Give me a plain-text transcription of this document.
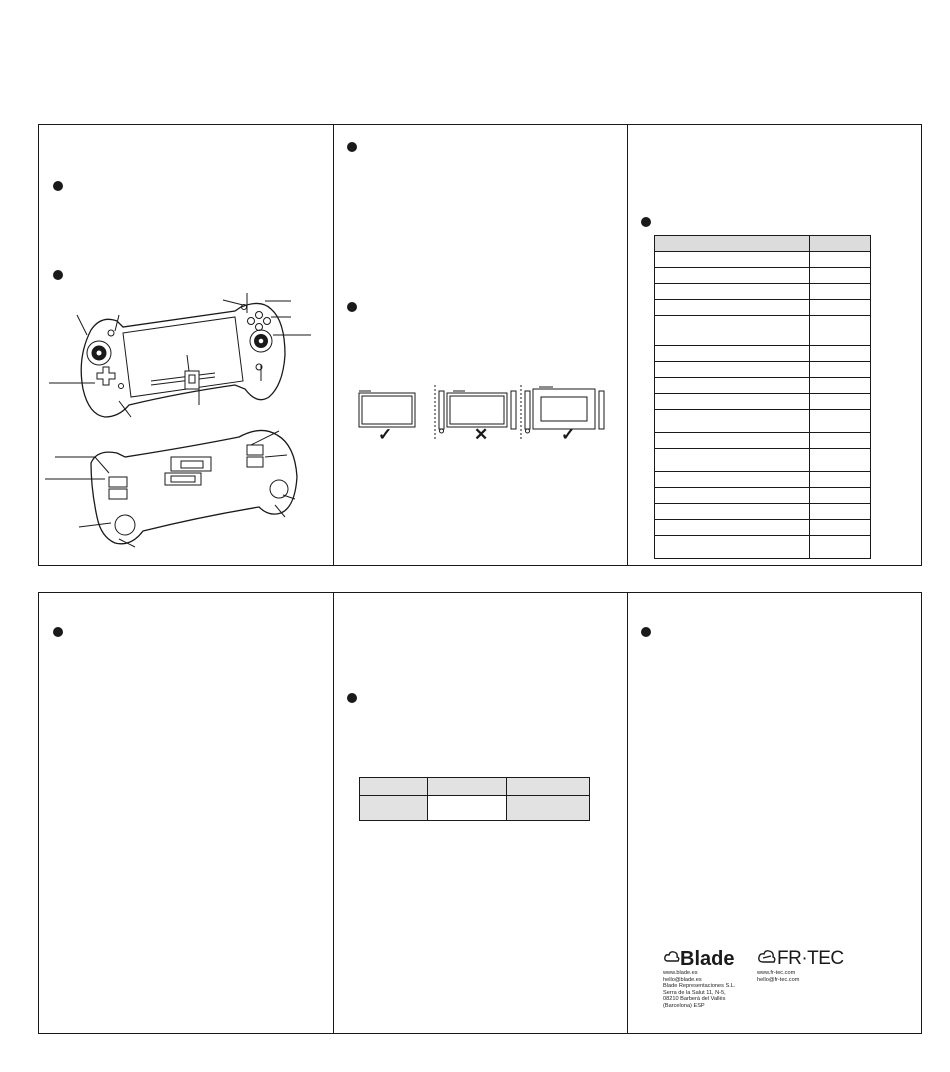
✓	✕	✓

Blade FR·TEC
www.blade.es
hello@blade.es
Blade Representaciones S.L.
Serra de la Salut 11, N-5,
08210 Barberà del Vallès
(Barcelona) ESP
www.fr-tec.com
hello@fr-tec.com
